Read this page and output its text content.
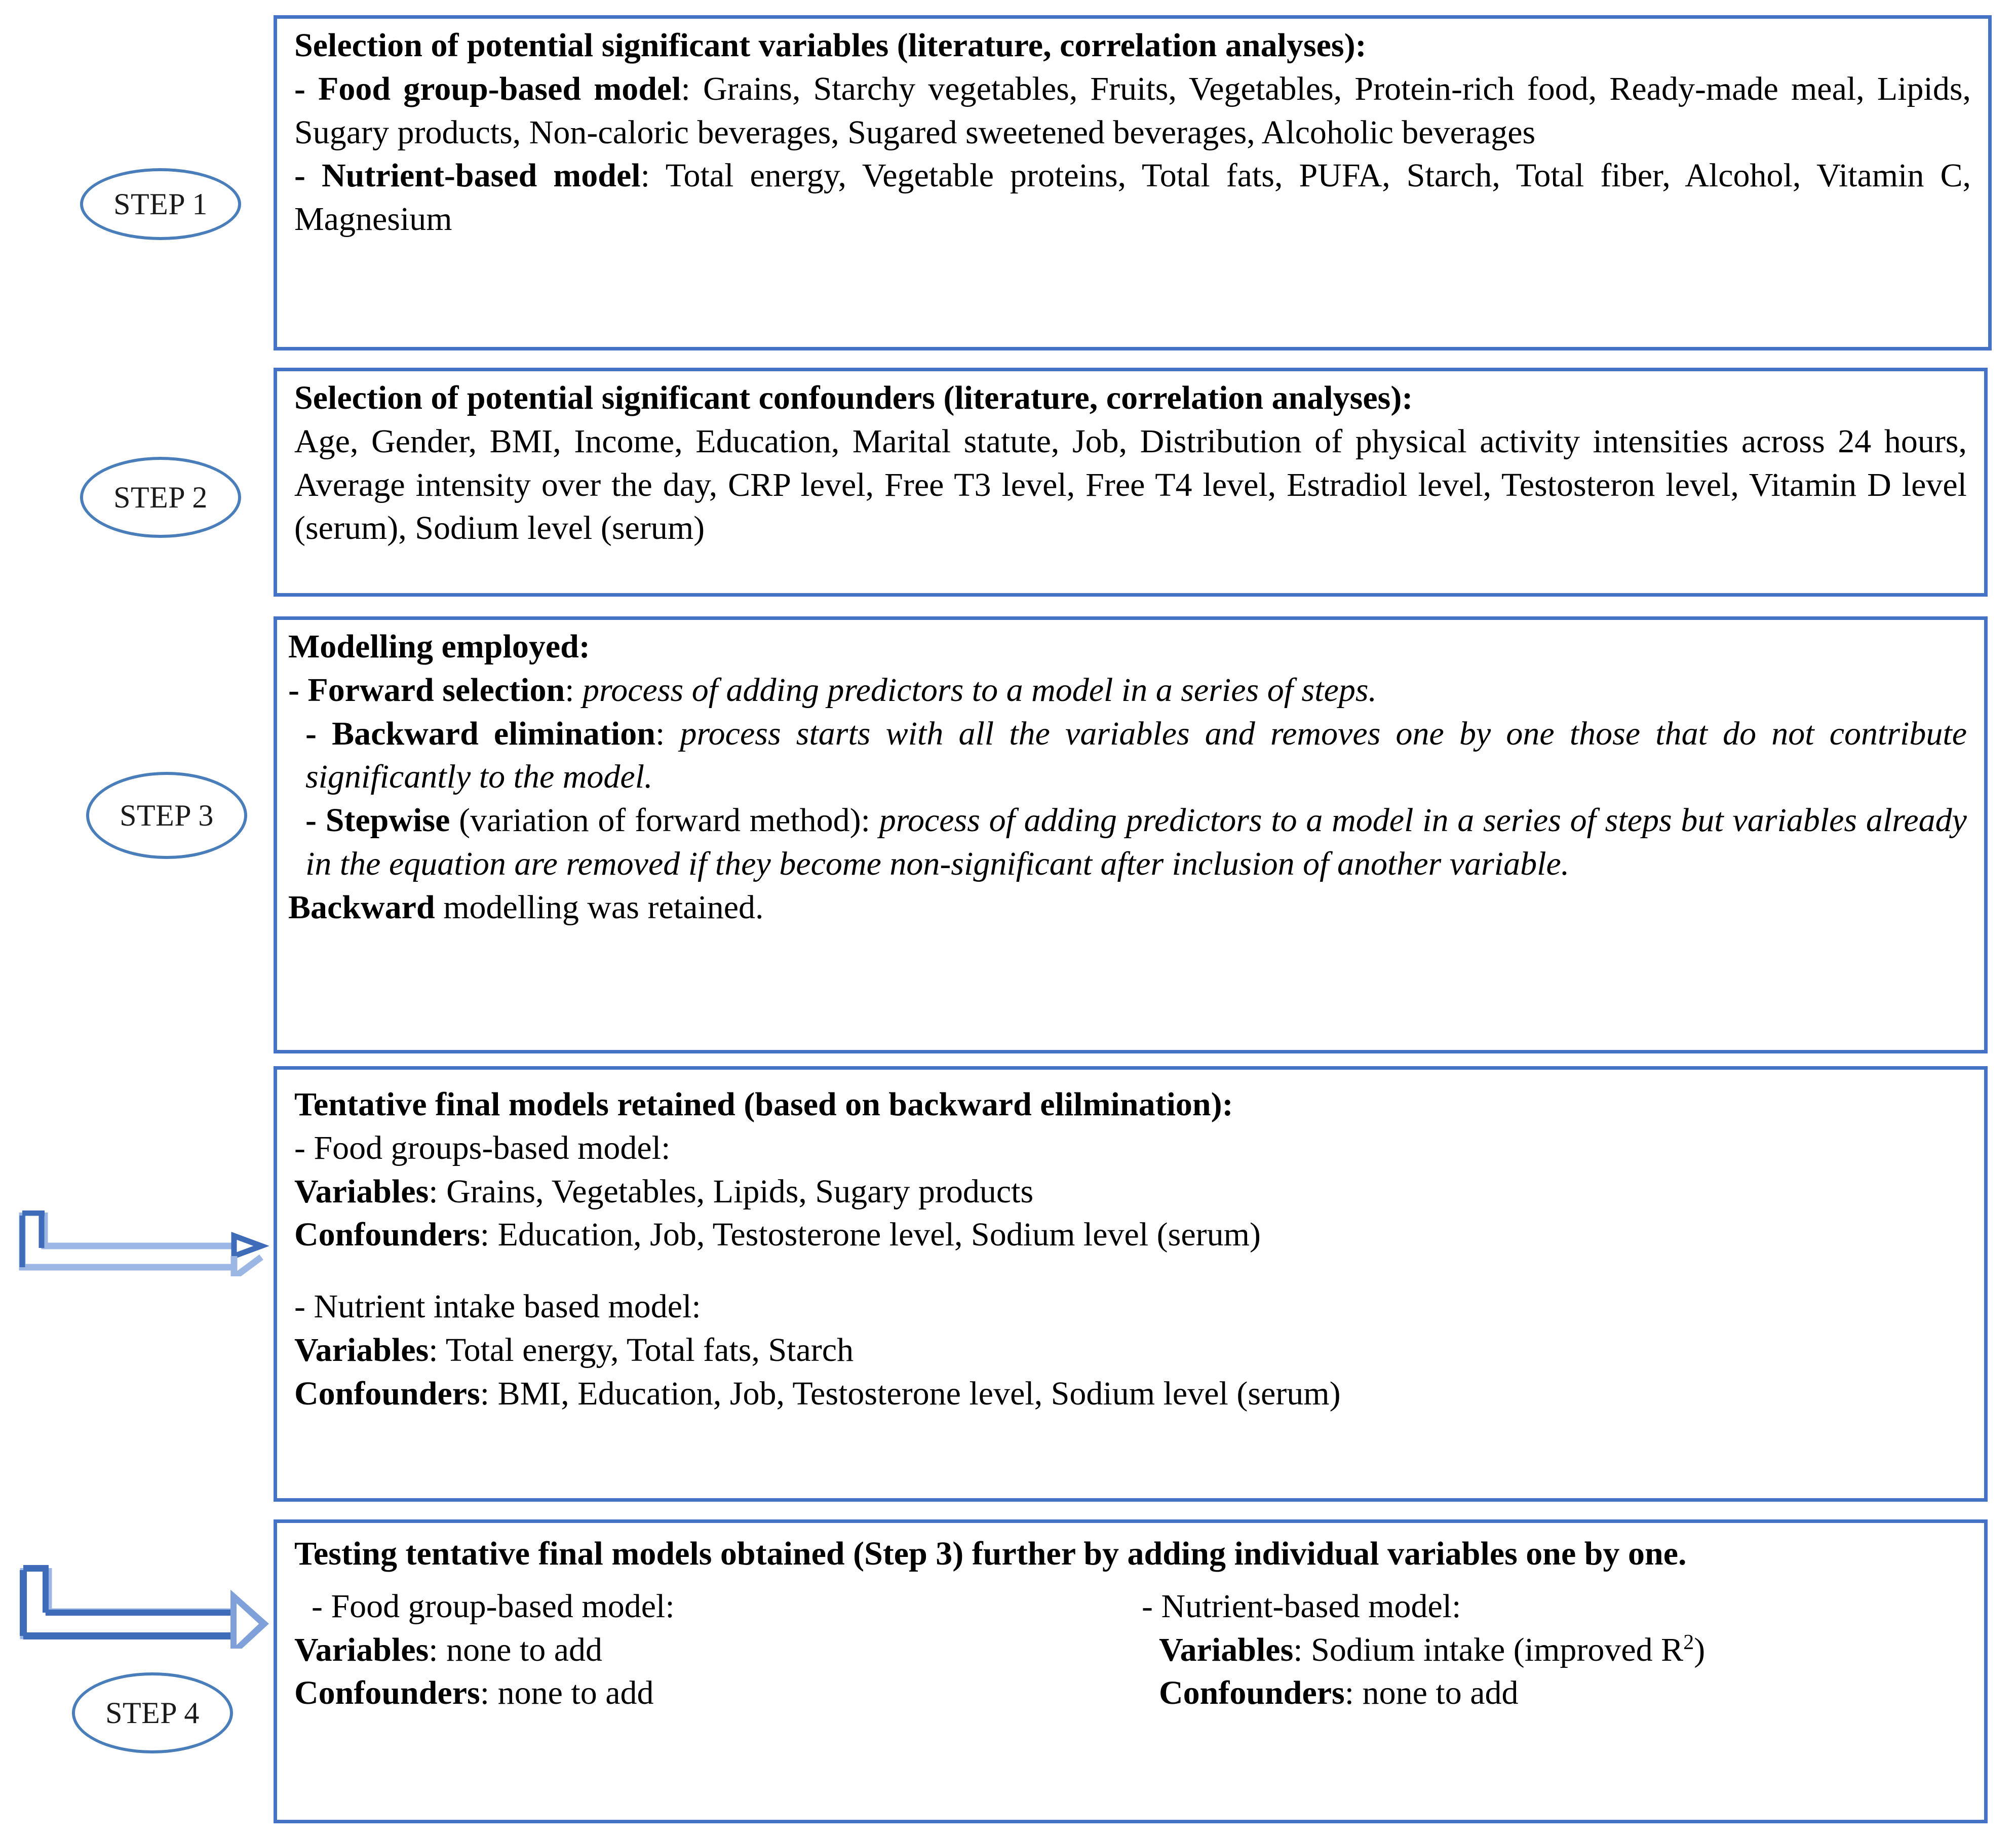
Selection of potential significant variables (literature, correlation analyses):

- Food group-based model: Grains, Starchy vegetables, Fruits, Vegetables, Protein-rich food, Ready-made meal, Lipids, Sugary products, Non-caloric beverages, Sugared sweetened beverages, Alcoholic beverages

- Nutrient-based model: Total energy, Vegetable proteins, Total fats, PUFA, Starch, Total fiber, Alcohol, Vitamin C, Magnesium

Selection of potential significant confounders (literature, correlation analyses):

Age, Gender, BMI, Income, Education, Marital statute, Job, Distribution of physical activity intensities across 24 hours, Average intensity over the day, CRP level, Free T3 level, Free T4 level, Estradiol level, Testosteron level, Vitamin D level (serum), Sodium level (serum)

Modelling employed:

- Forward selection: process of adding predictors to a model in a series of steps.

- Backward elimination: process starts with all the variables and removes one by one those that do not contribute significantly to the model.

- Stepwise (variation of forward method): process of adding predictors to a model in a series of steps but variables already in the equation are removed if they become non-significant after inclusion of another variable.

Backward modelling was retained.

Tentative final models retained (based on backward elilmination):

- Food groups-based model:

Variables: Grains, Vegetables, Lipids, Sugary products

Confounders: Education, Job, Testosterone level, Sodium level (serum)

- Nutrient intake based model:

Variables: Total energy, Total fats, Starch

Confounders: BMI, Education, Job, Testosterone level, Sodium level (serum)

Testing tentative final models obtained (Step 3) further by adding individual variables one by one.

- Food group-based model:

Variables: none to add

Confounders: none to add

- Nutrient-based model:

Variables: Sodium intake (improved $R^2$)

Confounders: none to add

STEP 1
STEP 2
STEP 3
STEP 4
